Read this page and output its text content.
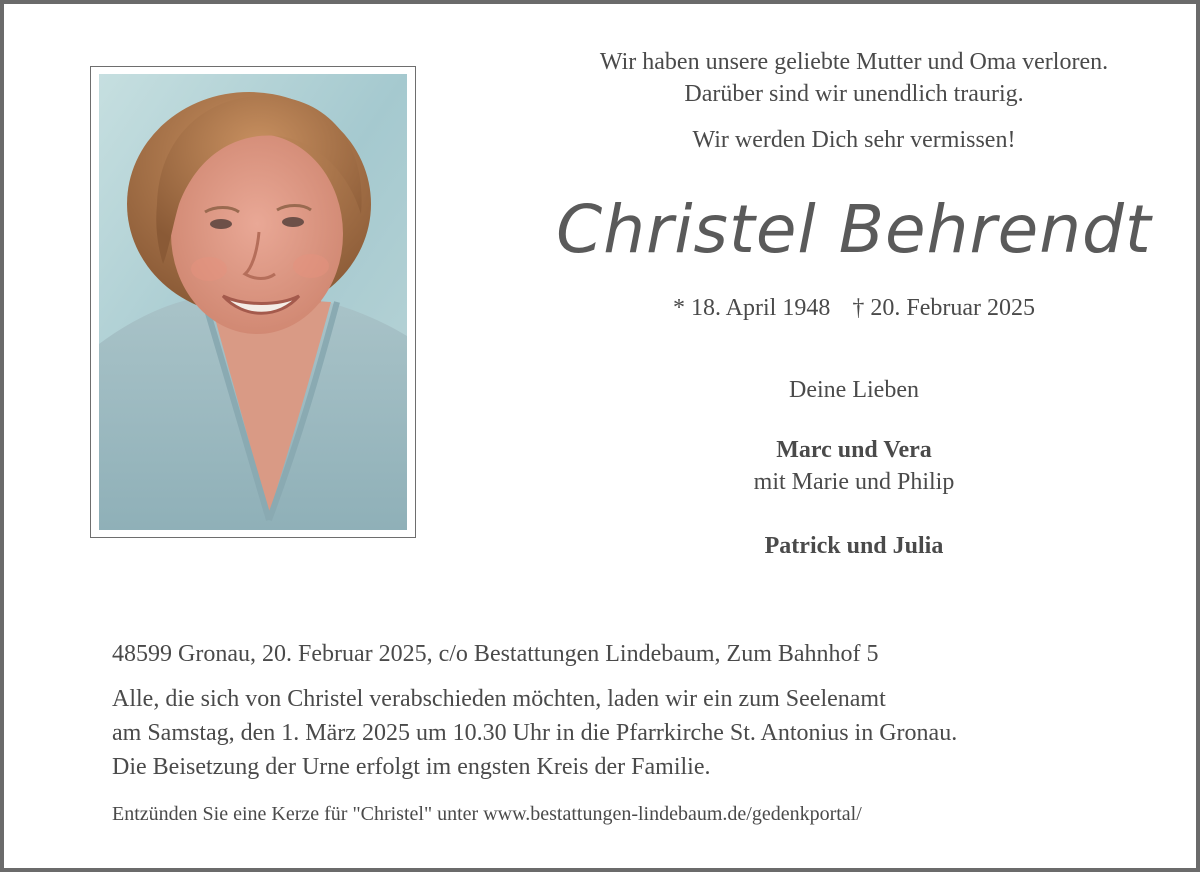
Wir haben unsere geliebte Mutter und Oma verloren.
Darüber sind wir unendlich traurig.
Wir werden Dich sehr vermissen!
Christel Behrendt
* 18. April 1948 † 20. Februar 2025
Deine Lieben
Marc und Vera
mit Marie und Philip
Patrick und Julia
48599 Gronau, 20. Februar 2025, c/o Bestattungen Lindebaum, Zum Bahnhof 5
Alle, die sich von Christel verabschieden möchten, laden wir ein zum Seelenamt
am Samstag, den 1. März 2025 um 10.30 Uhr in die Pfarrkirche St. Antonius in Gronau.
Die Beisetzung der Urne erfolgt im engsten Kreis der Familie.
Entzünden Sie eine Kerze für "Christel" unter www.bestattungen-lindebaum.de/gedenkportal/
